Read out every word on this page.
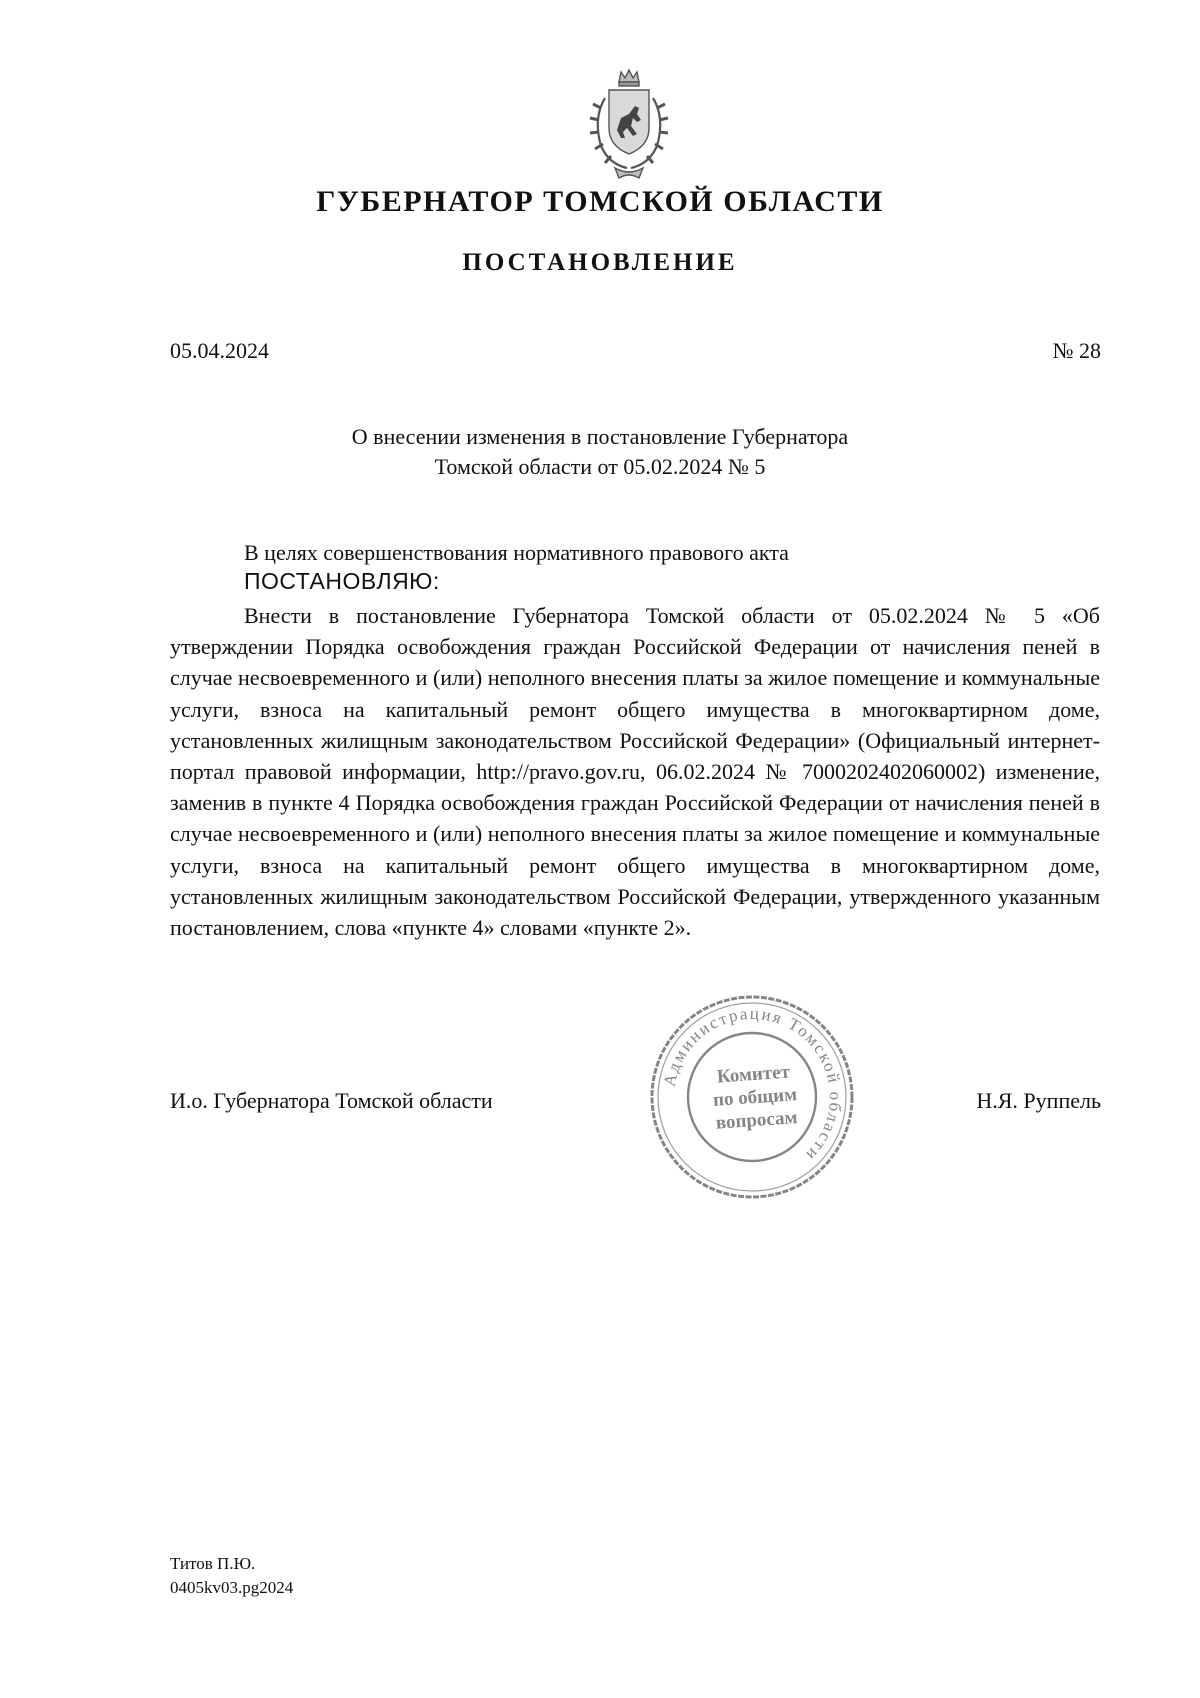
ГУБЕРНАТОР ТОМСКОЙ ОБЛАСТИ
ПОСТАНОВЛЕНИЕ
05.04.2024	№ 28
О внесении изменения в постановление Губернатора
Томской области от 05.02.2024 № 5
В целях совершенствования нормативного правового акта
ПОСТАНОВЛЯЮ:

Внести в постановление Губернатора Томской области от 05.02.2024 № 5 «Об утверждении Порядка освобождения граждан Российской Федерации от начисления пеней в случае несвоевременного и (или) неполного внесения платы за жилое помещение и коммунальные услуги, взноса на капитальный ремонт общего имущества в многоквартирном доме, установленных жилищным законодательством Российской Федерации» (Официальный интернет-портал правовой информации, http://pravo.gov.ru, 06.02.2024 № 7000202402060002) изменение, заменив в пункте 4 Порядка освобождения граждан Российской Федерации от начисления пеней в случае несвоевременного и (или) неполного внесения платы за жилое помещение и коммунальные услуги, взноса на капитальный ремонт общего имущества в многоквартирном доме, установленных жилищным законодательством Российской Федерации, утвержденного указанным постановлением, слова «пункте 4» словами «пункте 2».

И.о. Губернатора Томской области	Н.Я. Руппель
Администрация Томской области
Комитет
по общим
вопросам
Титов П.Ю.
0405kv03.pg2024
